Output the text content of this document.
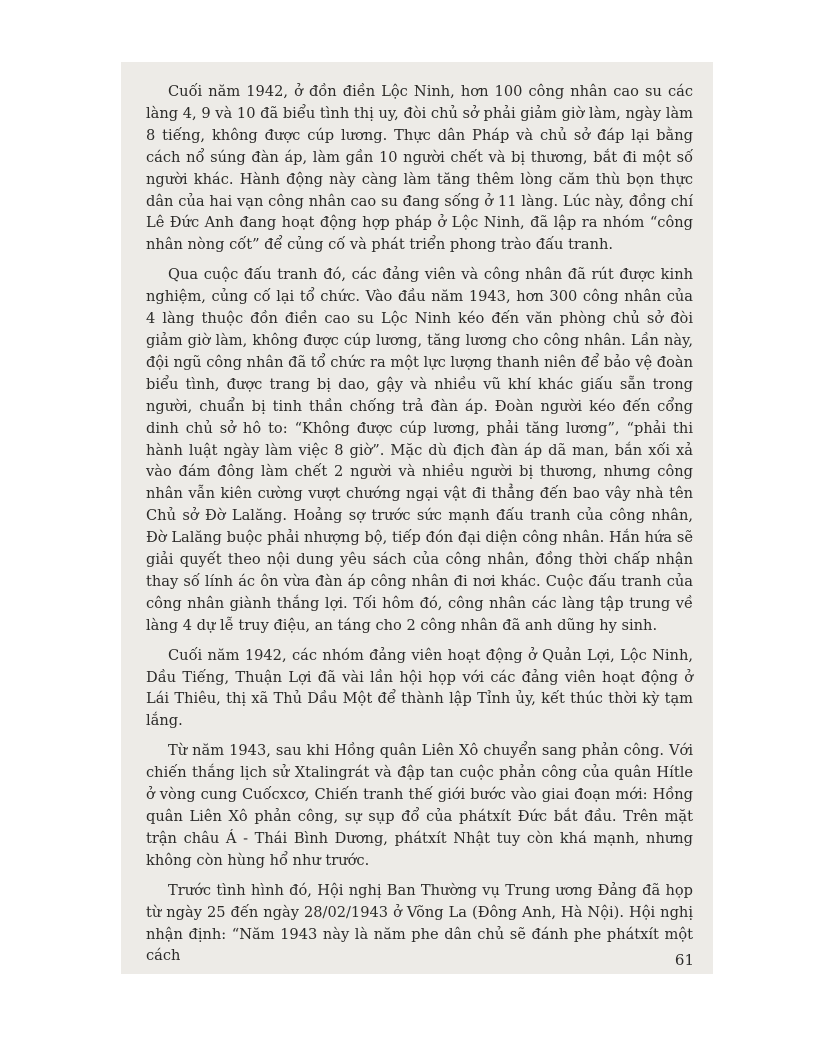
Cuối năm 1942, ở đồn điền Lộc Ninh, hơn 100 công nhân cao su các làng 4, 9 và 10 đã biểu tình thị uy, đòi chủ sở phải giảm giờ làm, ngày làm 8 tiếng, không được cúp lương. Thực dân Pháp và chủ sở đáp lại bằng cách nổ súng đàn áp, làm gần 10 người chết và bị thương, bắt đi một số người khác. Hành động này càng làm tăng thêm lòng căm thù bọn thực dân của hai vạn công nhân cao su đang sống ở 11 làng. Lúc này, đồng chí Lê Đức Anh đang hoạt động hợp pháp ở Lộc Ninh, đã lập ra nhóm “công nhân nòng cốt” để củng cố và phát triển phong trào đấu tranh.

Qua cuộc đấu tranh đó, các đảng viên và công nhân đã rút được kinh nghiệm, củng cố lại tổ chức. Vào đầu năm 1943, hơn 300 công nhân của 4 làng thuộc đồn điền cao su Lộc Ninh kéo đến văn phòng chủ sở đòi giảm giờ làm, không được cúp lương, tăng lương cho công nhân. Lần này, đội ngũ công nhân đã tổ chức ra một lực lượng thanh niên để bảo vệ đoàn biểu tình, được trang bị dao, gậy và nhiều vũ khí khác giấu sẵn trong người, chuẩn bị tinh thần chống trả đàn áp. Đoàn người kéo đến cổng dinh chủ sở hô to: “Không được cúp lương, phải tăng lương”, “phải thi hành luật ngày làm việc 8 giờ”. Mặc dù địch đàn áp dã man, bắn xối xả vào đám đông làm chết 2 người và nhiều người bị thương, nhưng công nhân vẫn kiên cường vượt chướng ngại vật đi thẳng đến bao vây nhà tên Chủ sở Đờ Lalăng. Hoảng sợ trước sức mạnh đấu tranh của công nhân, Đờ Lalăng buộc phải nhượng bộ, tiếp đón đại diện công nhân. Hắn hứa sẽ giải quyết theo nội dung yêu sách của công nhân, đồng thời chấp nhận thay số lính ác ôn vừa đàn áp công nhân đi nơi khác. Cuộc đấu tranh của công nhân giành thắng lợi. Tối hôm đó, công nhân các làng tập trung về làng 4 dự lễ truy điệu, an táng cho 2 công nhân đã anh dũng hy sinh.

Cuối năm 1942, các nhóm đảng viên hoạt động ở Quản Lợi, Lộc Ninh, Dầu Tiếng, Thuận Lợi đã vài lần hội họp với các đảng viên hoạt động ở Lái Thiêu, thị xã Thủ Dầu Một để thành lập Tỉnh ủy, kết thúc thời kỳ tạm lắng.

Từ năm 1943, sau khi Hồng quân Liên Xô chuyển sang phản công. Với chiến thắng lịch sử Xtalingrát và đập tan cuộc phản công của quân Hítle ở vòng cung Cuốcxcơ, Chiến tranh thế giới bước vào giai đoạn mới: Hồng quân Liên Xô phản công, sự sụp đổ của phátxít Đức bắt đầu. Trên mặt trận châu Á - Thái Bình Dương, phátxít Nhật tuy còn khá mạnh, nhưng không còn hùng hổ như trước.

Trước tình hình đó, Hội nghị Ban Thường vụ Trung ương Đảng đã họp từ ngày 25 đến ngày 28/02/1943 ở Võng La (Đông Anh, Hà Nội). Hội nghị nhận định: “Năm 1943 này là năm phe dân chủ sẽ đánh phe phátxít một cách	61
